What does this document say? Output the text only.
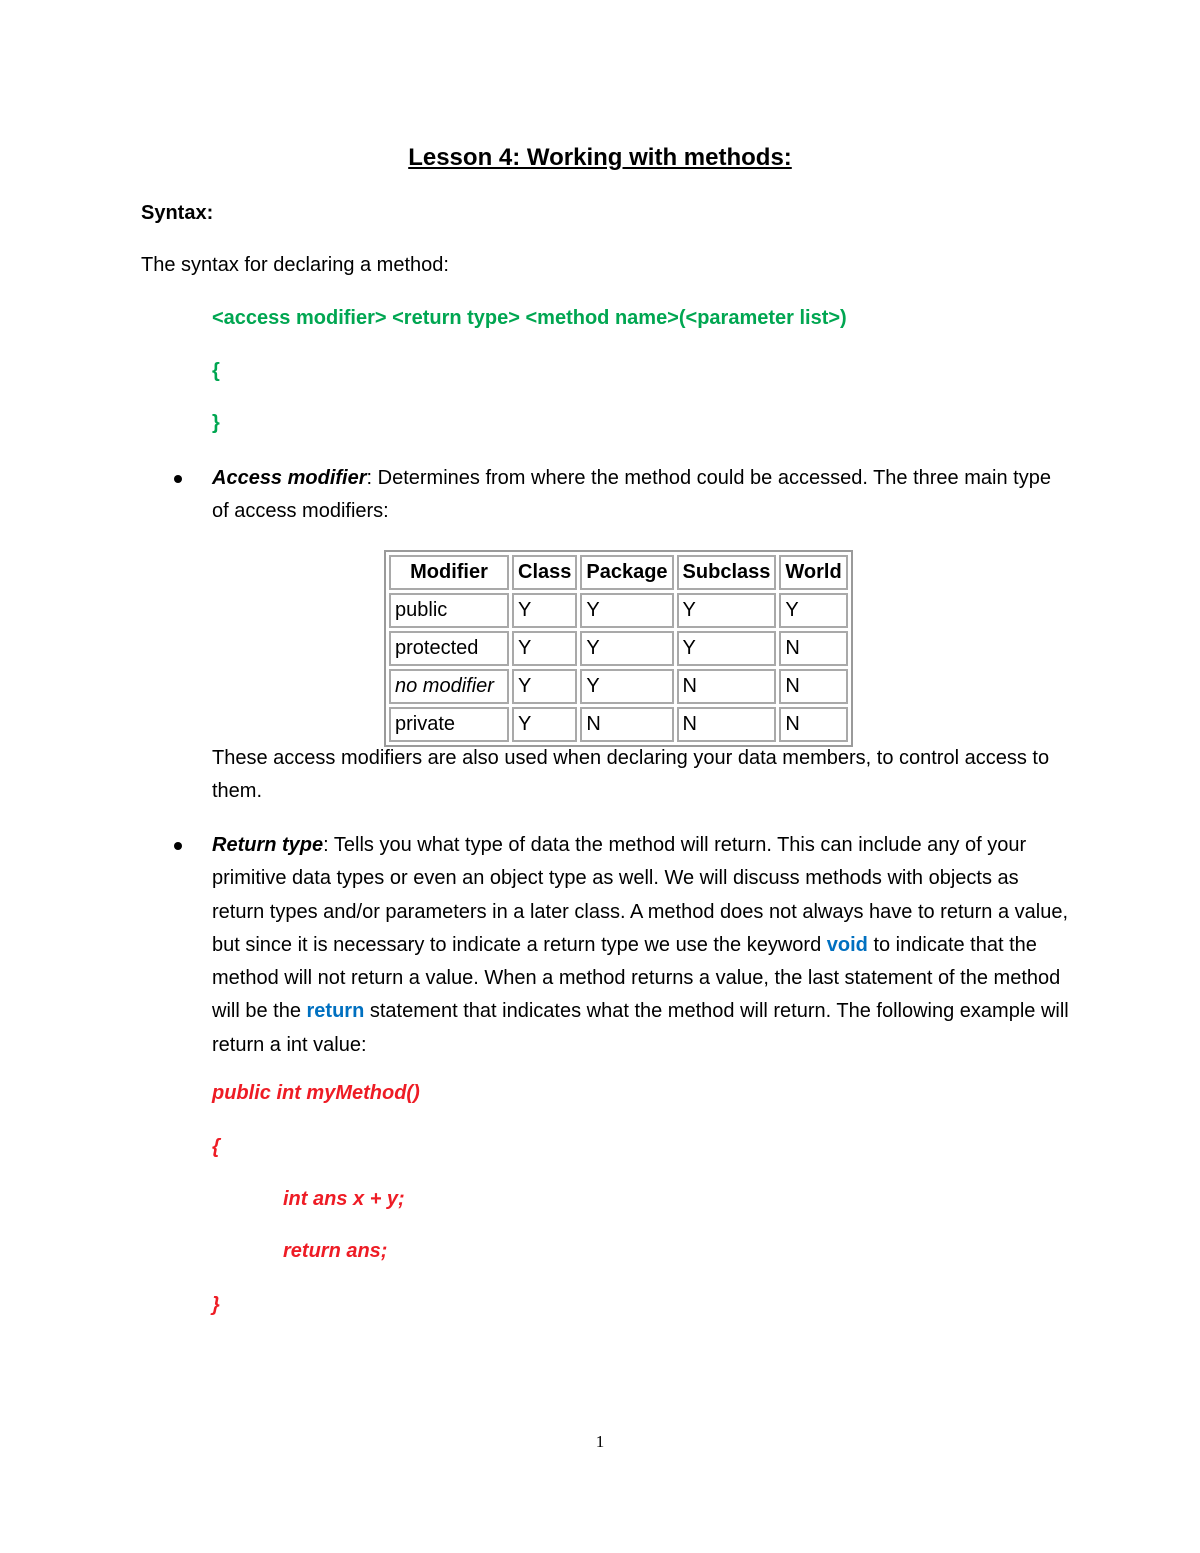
Lesson 4: Working with methods:
Syntax:
The syntax for declaring a method:
<access modifier> <return type> <method name>(<parameter list>)
{
}
Access modifier: Determines from where the method could be accessed. The three main type of access modifiers:
Modifier	Class	Package	Subclass	World
public	Y	Y	Y	Y
protected	Y	Y	Y	N
no modifier	Y	Y	N	N
private	Y	N	N	N
These access modifiers are also used when declaring your data members, to control access to them.
Return type: Tells you what type of data the method will return. This can include any of your primitive data types or even an object type as well. We will discuss methods with objects as return types and/or parameters in a later class. A method does not always have to return a value, but since it is necessary to indicate a return type we use the keyword void to indicate that the method will not return a value. When a method returns a value, the last statement of the method will be the return statement that indicates what the method will return. The following example will return a int value:
public int myMethod()
{
int ans x + y;
return ans;
}
1
